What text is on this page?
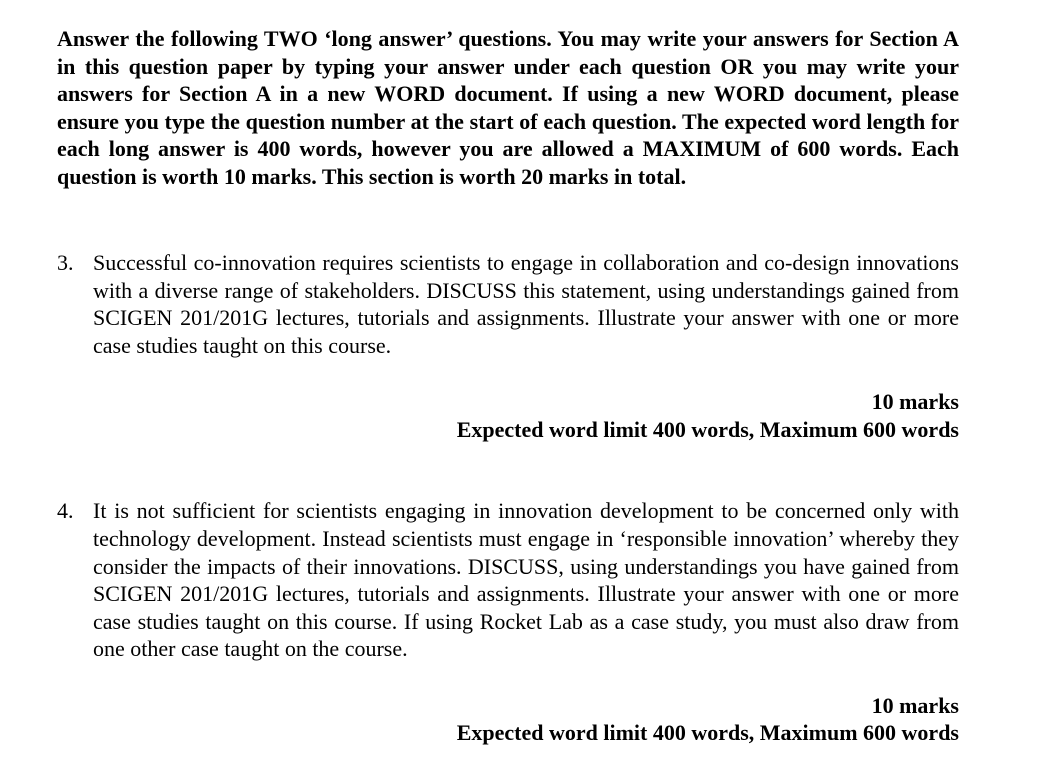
Answer the following TWO ‘long answer’ questions. You may write your answers for Section A in this question paper by typing your answer under each question OR you may write your answers for Section A in a new WORD document. If using a new WORD document, please ensure you type the question number at the start of each question. The expected word length for each long answer is 400 words, however you are allowed a MAXIMUM of 600 words. Each question is worth 10 marks. This section is worth 20 marks in total.

3. Successful co-innovation requires scientists to engage in collaboration and co-design innovations with a diverse range of stakeholders. DISCUSS this statement, using understandings gained from SCIGEN 201/201G lectures, tutorials and assignments. Illustrate your answer with one or more case studies taught on this course.

10 marks
Expected word limit 400 words, Maximum 600 words
4. It is not sufficient for scientists engaging in innovation development to be concerned only with technology development. Instead scientists must engage in ‘responsible innovation’ whereby they consider the impacts of their innovations. DISCUSS, using understandings you have gained from SCIGEN 201/201G lectures, tutorials and assignments. Illustrate your answer with one or more case studies taught on this course. If using Rocket Lab as a case study, you must also draw from one other case taught on the course.

10 marks
Expected word limit 400 words, Maximum 600 words
